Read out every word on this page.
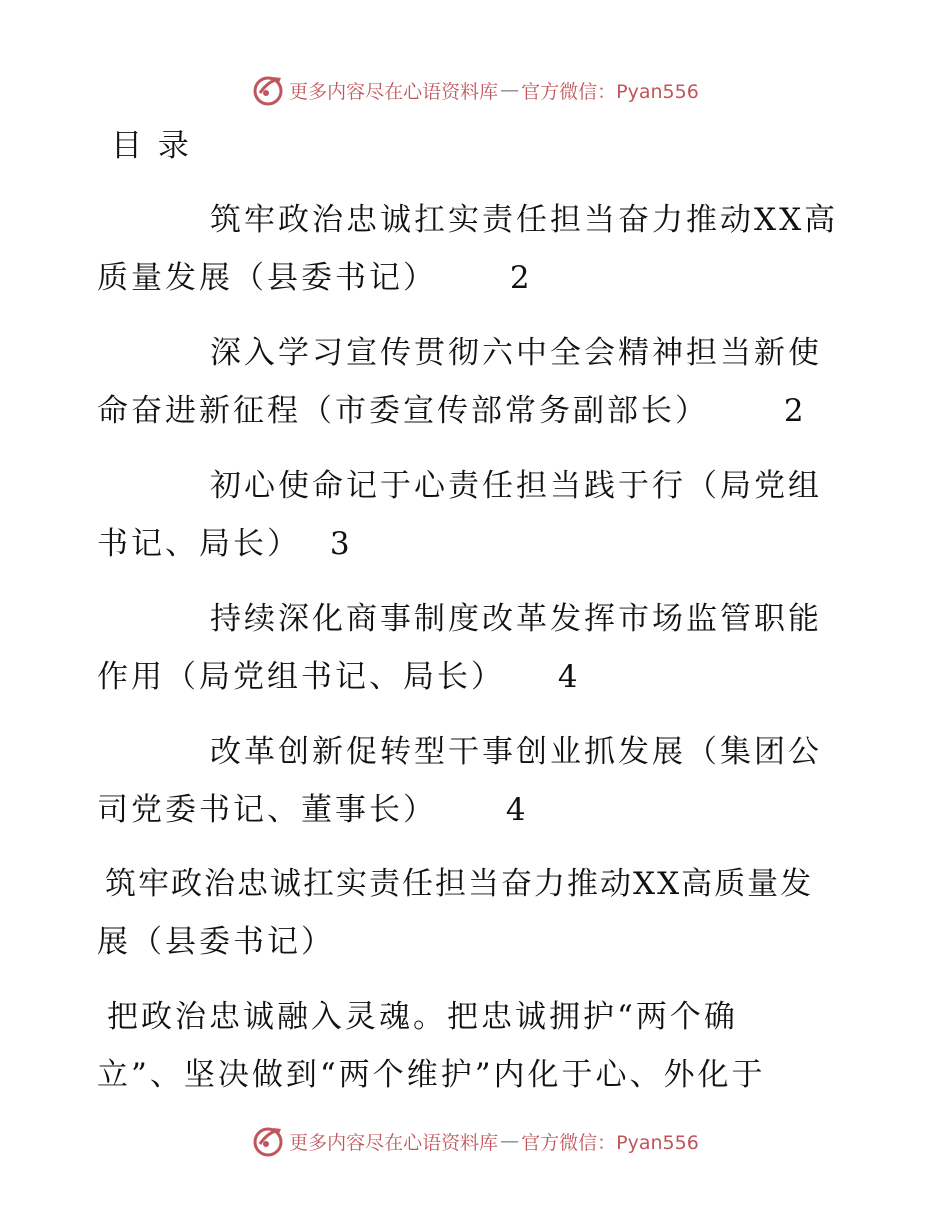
更多内容尽在心语资料库 — 官方微信：Pyan556
目 录
筑牢政治忠诚扛实责任担当奋力推动XX高
质量发展（县委书记） 2
深入学习宣传贯彻六中全会精神担当新使
命奋进新征程（市委宣传部常务副部长） 2
初心使命记于心责任担当践于行（局党组
书记、局长） 3
持续深化商事制度改革发挥市场监管职能
作用（局党组书记、局长） 4
改革创新促转型干事创业抓发展（集团公
司党委书记、董事长） 4
筑牢政治忠诚扛实责任担当奋力推动XX高质量发
展（县委书记）
把政治忠诚融入灵魂。把忠诚拥护“两个确
立”、坚决做到“两个维护”内化于心、外化于
更多内容尽在心语资料库 — 官方微信：Pyan556
